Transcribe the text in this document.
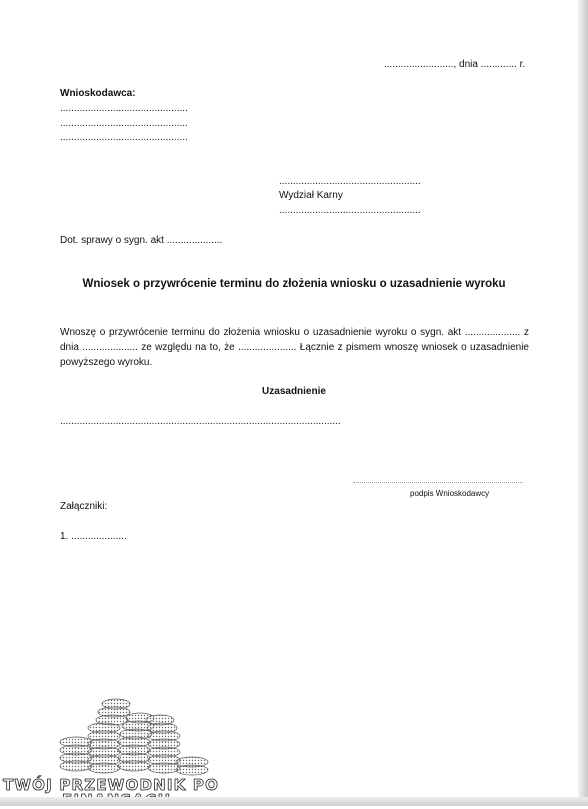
........................., dnia ............. r.
Wnioskodawca:
..............................................
..............................................
..............................................
...................................................
Wydział Karny
...................................................
Dot. sprawy o sygn. akt ....................
Wniosek o przywrócenie terminu do złożenia wniosku o uzasadnienie wyroku
Wnoszę o przywrócenie terminu do złożenia wniosku o uzasadnienie wyroku o sygn. akt .................... z dnia .................... ze względu na to, że ..................... Łącznie z pismem wnoszę wniosek o uzasadnienie powyższego wyroku.
Uzasadnienie
.....................................................................................................
podpis Wnioskodawcy
Załączniki:
1. ....................
TWÓJ PRZEWODNIK PO
